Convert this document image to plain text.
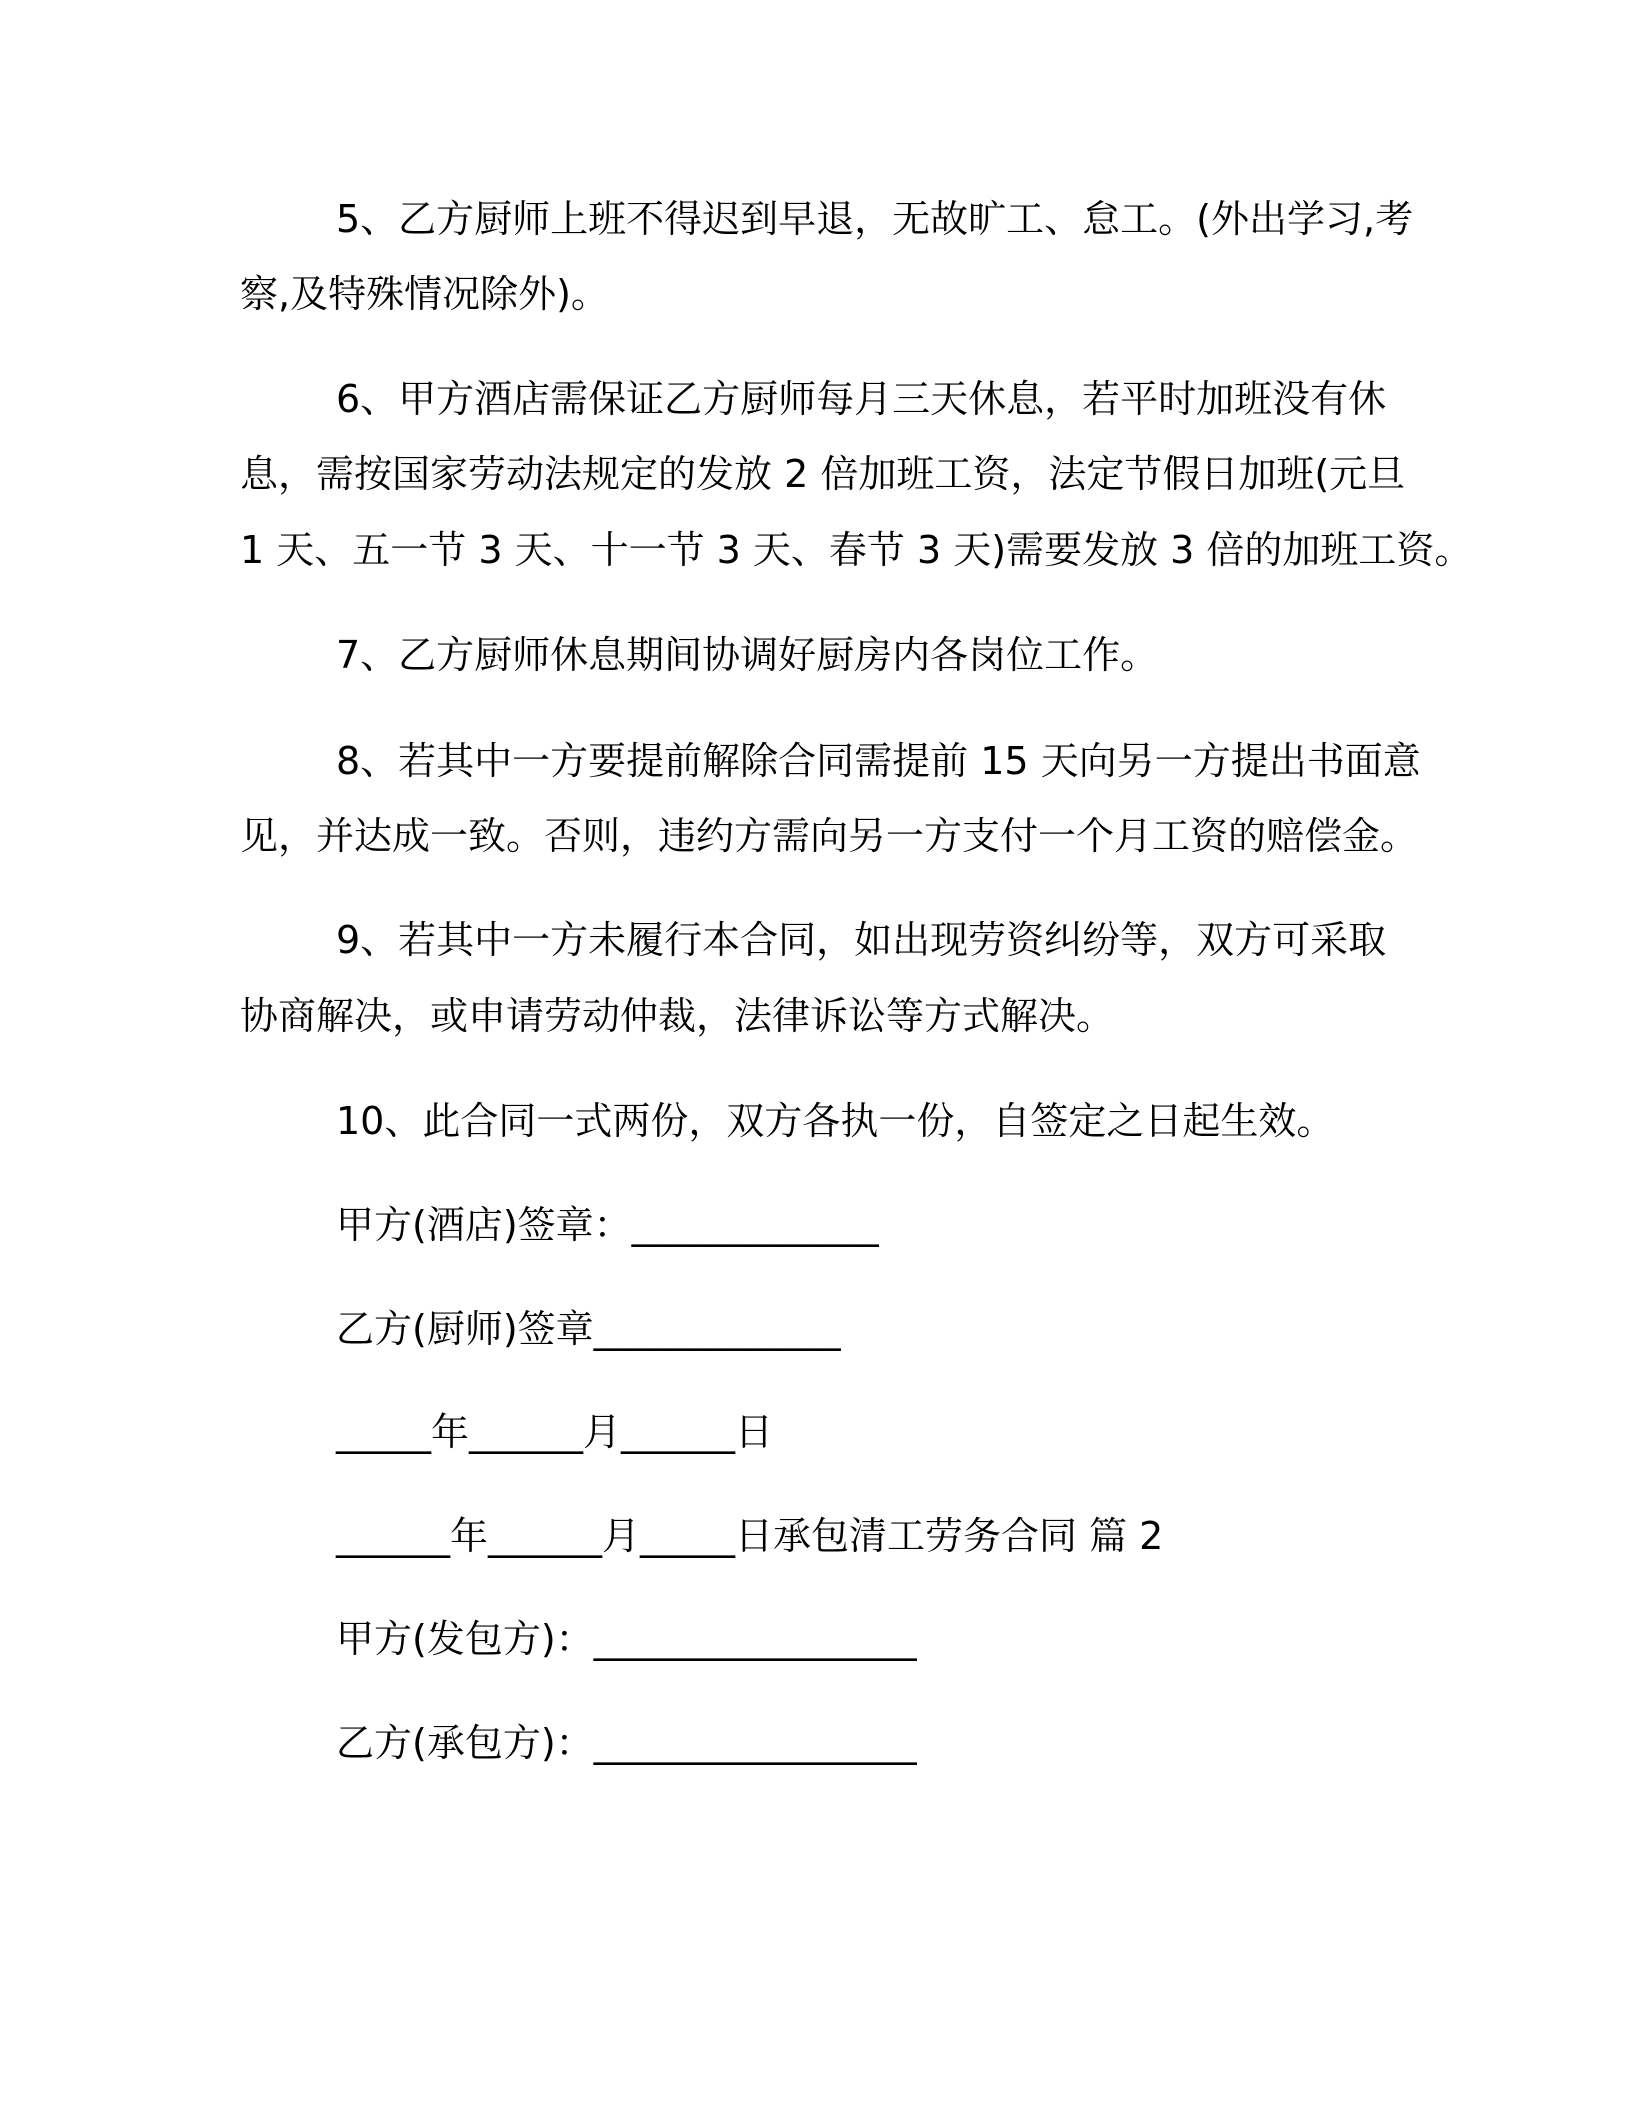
5、乙方厨师上班不得迟到早退，无故旷工、怠工。(外出学习,考
察,及特殊情况除外)。
6、甲方酒店需保证乙方厨师每月三天休息，若平时加班没有休
息，需按国家劳动法规定的发放 2 倍加班工资，法定节假日加班(元旦
1 天、五一节 3 天、十一节 3 天、春节 3 天)需要发放 3 倍的加班工资。
7、乙方厨师休息期间协调好厨房内各岗位工作。
8、若其中一方要提前解除合同需提前 15 天向另一方提出书面意
见，并达成一致。否则，违约方需向另一方支付一个月工资的赔偿金。
9、若其中一方未履行本合同，如出现劳资纠纷等，双方可采取
协商解决，或申请劳动仲裁，法律诉讼等方式解决。
10、此合同一式两份，双方各执一份，自签定之日起生效。
甲方(酒店)签章：_____________
乙方(厨师)签章_____________
_____年______月______日
______年______月_____日承包清工劳务合同 篇 2
甲方(发包方)：_________________
乙方(承包方)：_________________
